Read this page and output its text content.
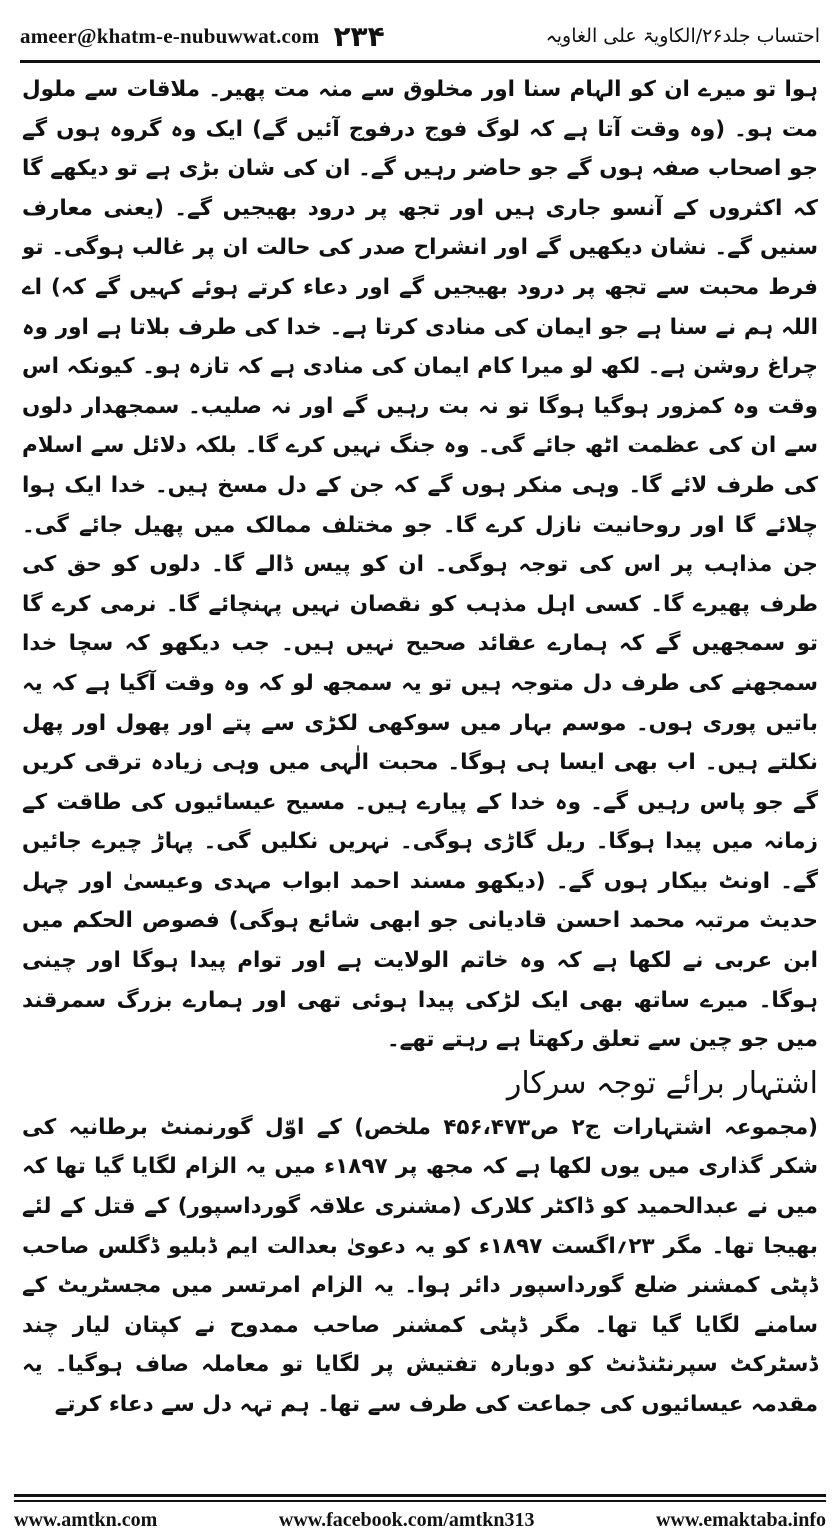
ameer@khatm-e-nubuwwat.com ۲۳۴	احتساب جلد۲۶/الکاویۃ علی الغاویہ

ہوا تو میرے ان کو الہام سنا اور مخلوق سے منہ مت پھیر۔ ملاقات سے ملول مت ہو۔ (وہ وقت آتا ہے کہ لوگ فوج درفوج آئیں گے) ایک وہ گروہ ہوں گے جو اصحاب صفہ ہوں گے جو حاضر رہیں گے۔ ان کی شان بڑی ہے تو دیکھے گا کہ اکثروں کے آنسو جاری ہیں اور تجھ پر درود بھیجیں گے۔ (یعنی معارف سنیں گے۔ نشان دیکھیں گے اور انشراح صدر کی حالت ان پر غالب ہوگی۔ تو فرط محبت سے تجھ پر درود بھیجیں گے اور دعاء کرتے ہوئے کہیں گے کہ) اے اللہ ہم نے سنا ہے جو ایمان کی منادی کرتا ہے۔ خدا کی طرف بلاتا ہے اور وہ چراغ روشن ہے۔ لکھ لو میرا کام ایمان کی منادی ہے کہ تازہ ہو۔ کیونکہ اس وقت وہ کمزور ہوگیا ہوگا تو نہ بت رہیں گے اور نہ صلیب۔ سمجھدار دلوں سے ان کی عظمت اٹھ جائے گی۔ وہ جنگ نہیں کرے گا۔ بلکہ دلائل سے اسلام کی طرف لائے گا۔ وہی منکر ہوں گے کہ جن کے دل مسخ ہیں۔ خدا ایک ہوا چلائے گا اور روحانیت نازل کرے گا۔ جو مختلف ممالک میں پھیل جائے گی۔ جن مذاہب پر اس کی توجہ ہوگی۔ ان کو پیس ڈالے گا۔ دلوں کو حق کی طرف پھیرے گا۔ کسی اہل مذہب کو نقصان نہیں پہنچائے گا۔ نرمی کرے گا تو سمجھیں گے کہ ہمارے عقائد صحیح نہیں ہیں۔ جب دیکھو کہ سچا خدا سمجھنے کی طرف دل متوجہ ہیں تو یہ سمجھ لو کہ وہ وقت آگیا ہے کہ یہ باتیں پوری ہوں۔ موسم بہار میں سوکھی لکڑی سے پتے اور پھول اور پھل نکلتے ہیں۔ اب بھی ایسا ہی ہوگا۔ محبت الٰہی میں وہی زیادہ ترقی کریں گے جو پاس رہیں گے۔ وہ خدا کے پیارے ہیں۔ مسیح عیسائیوں کی طاقت کے زمانہ میں پیدا ہوگا۔ ریل گاڑی ہوگی۔ نہریں نکلیں گی۔ پہاڑ چیرے جائیں گے۔ اونٹ بیکار ہوں گے۔ (دیکھو مسند احمد ابواب مہدی وعیسیٰ اور چہل حدیث مرتبہ محمد احسن قادیانی جو ابھی شائع ہوگی) فصوص الحکم میں ابن عربی نے لکھا ہے کہ وہ خاتم الولایت ہے اور توام پیدا ہوگا اور چینی ہوگا۔ میرے ساتھ بھی ایک لڑکی پیدا ہوئی تھی اور ہمارے بزرگ سمرقند میں جو چین سے تعلق رکھتا ہے رہتے تھے۔

اشتہار برائے توجہ سرکار

(مجموعہ اشتہارات ج۲ ص۴۵۶،۴۷۳ ملخص) کے اوّل گورنمنٹ برطانیہ کی شکر گذاری میں یوں لکھا ہے کہ مجھ پر ۱۸۹۷ء میں یہ الزام لگایا گیا تھا کہ میں نے عبدالحمید کو ڈاکٹر کلارک (مشنری علاقہ گورداسپور) کے قتل کے لئے بھیجا تھا۔ مگر ۲۳؍اگست ۱۸۹۷ء کو یہ دعویٰ بعدالت ایم ڈبلیو ڈگلس صاحب ڈپٹی کمشنر ضلع گورداسپور دائر ہوا۔ یہ الزام امرتسر میں مجسٹریٹ کے سامنے لگایا گیا تھا۔ مگر ڈپٹی کمشنر صاحب ممدوح نے کپتان لیار چند ڈسٹرکٹ سپرنٹنڈنٹ کو دوبارہ تفتیش پر لگایا تو معاملہ صاف ہوگیا۔ یہ مقدمہ عیسائیوں کی جماعت کی طرف سے تھا۔ ہم تہہ دل سے دعاء کرتے

www.amtkn.com	www.facebook.com/amtkn313	www.emaktaba.info
